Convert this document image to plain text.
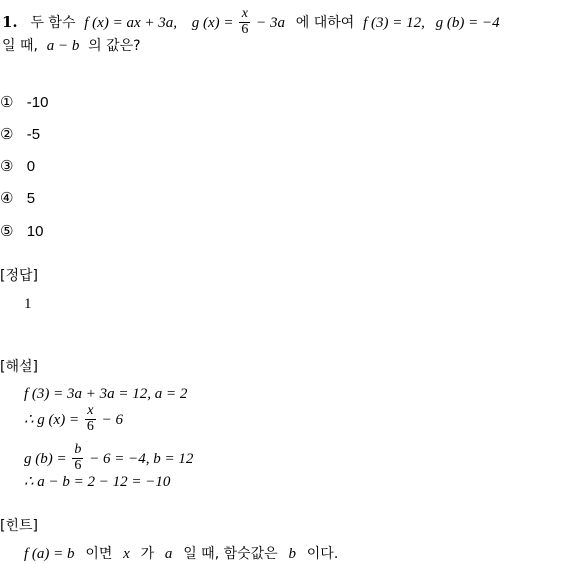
1. 두 함수 f (x) = ax + 3a, g $(x) = \frac{x}{6} - 3a$ 에 대하여 f (3) = 12, g (b) = −4
일 때, a − b 의 값은?
① -10
② -5
③ 0
④ 5
⑤ 10
[정답]
1
[해설]
f (3) = 3a + 3a = 12, a = 2
∴ g $(x) = \frac{x}{6} - 6$
g $(b) = \frac{b}{6} - 6 = -4$, b = 12
∴ a − b = 2 − 12 = −10
[힌트]
f (a) = b 이면 x 가 a 일 때, 함숫값은 b 이다.
